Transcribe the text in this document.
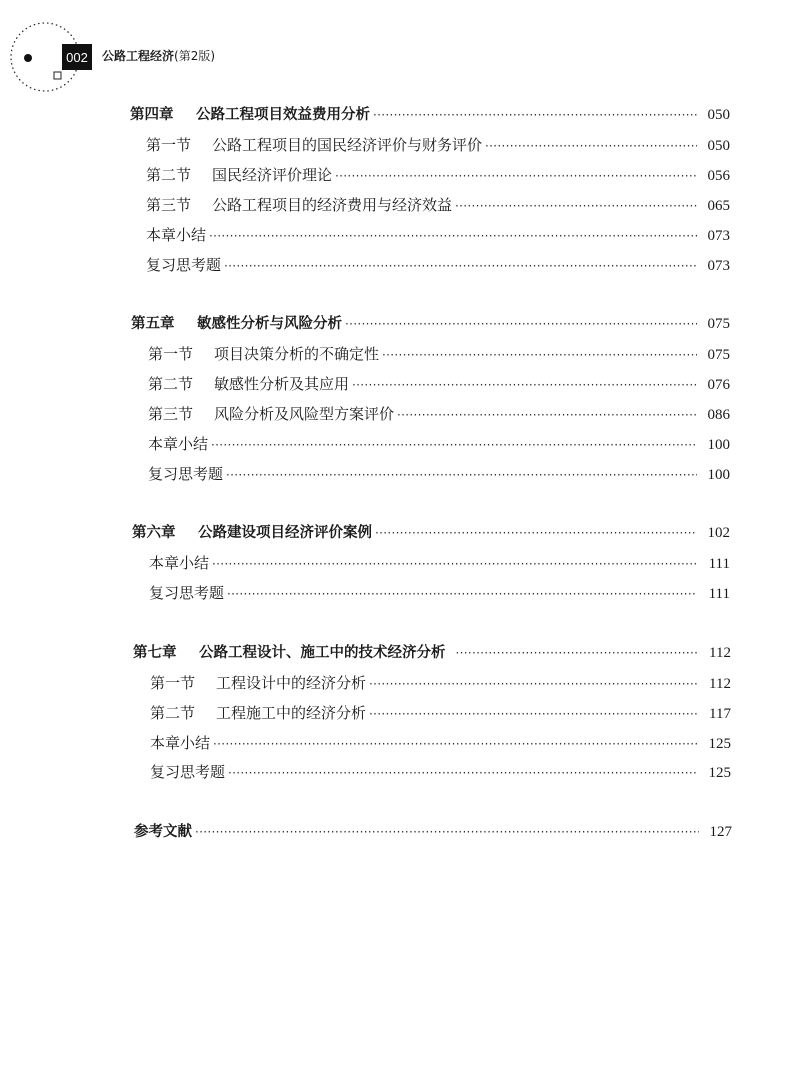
002	公路工程经济(第2版)
第四章	公路工程项目效益费用分析 ·····	050
第一节	公路工程项目的国民经济评价与财务评价 ·····	050
第二节	国民经济评价理论 ·····	056
第三节	公路工程项目的经济费用与经济效益 ·····	065
本章小结 ·····	073
复习思考题 ·····	073
第五章	敏感性分析与风险分析 ·····	075
第一节	项目决策分析的不确定性 ·····	075
第二节	敏感性分析及其应用 ·····	076
第三节	风险分析及风险型方案评价 ·····	086
本章小结 ·····	100
复习思考题 ·····	100
第六章	公路建设项目经济评价案例 ·····	102
本章小结 ·····	111
复习思考题 ·····	111
第七章	公路工程设计、施工中的技术经济分析 ·····	112
第一节	工程设计中的经济分析 ·····	112
第二节	工程施工中的经济分析 ·····	117
本章小结 ·····	125
复习思考题 ·····	125
参考文献 ·····	127
